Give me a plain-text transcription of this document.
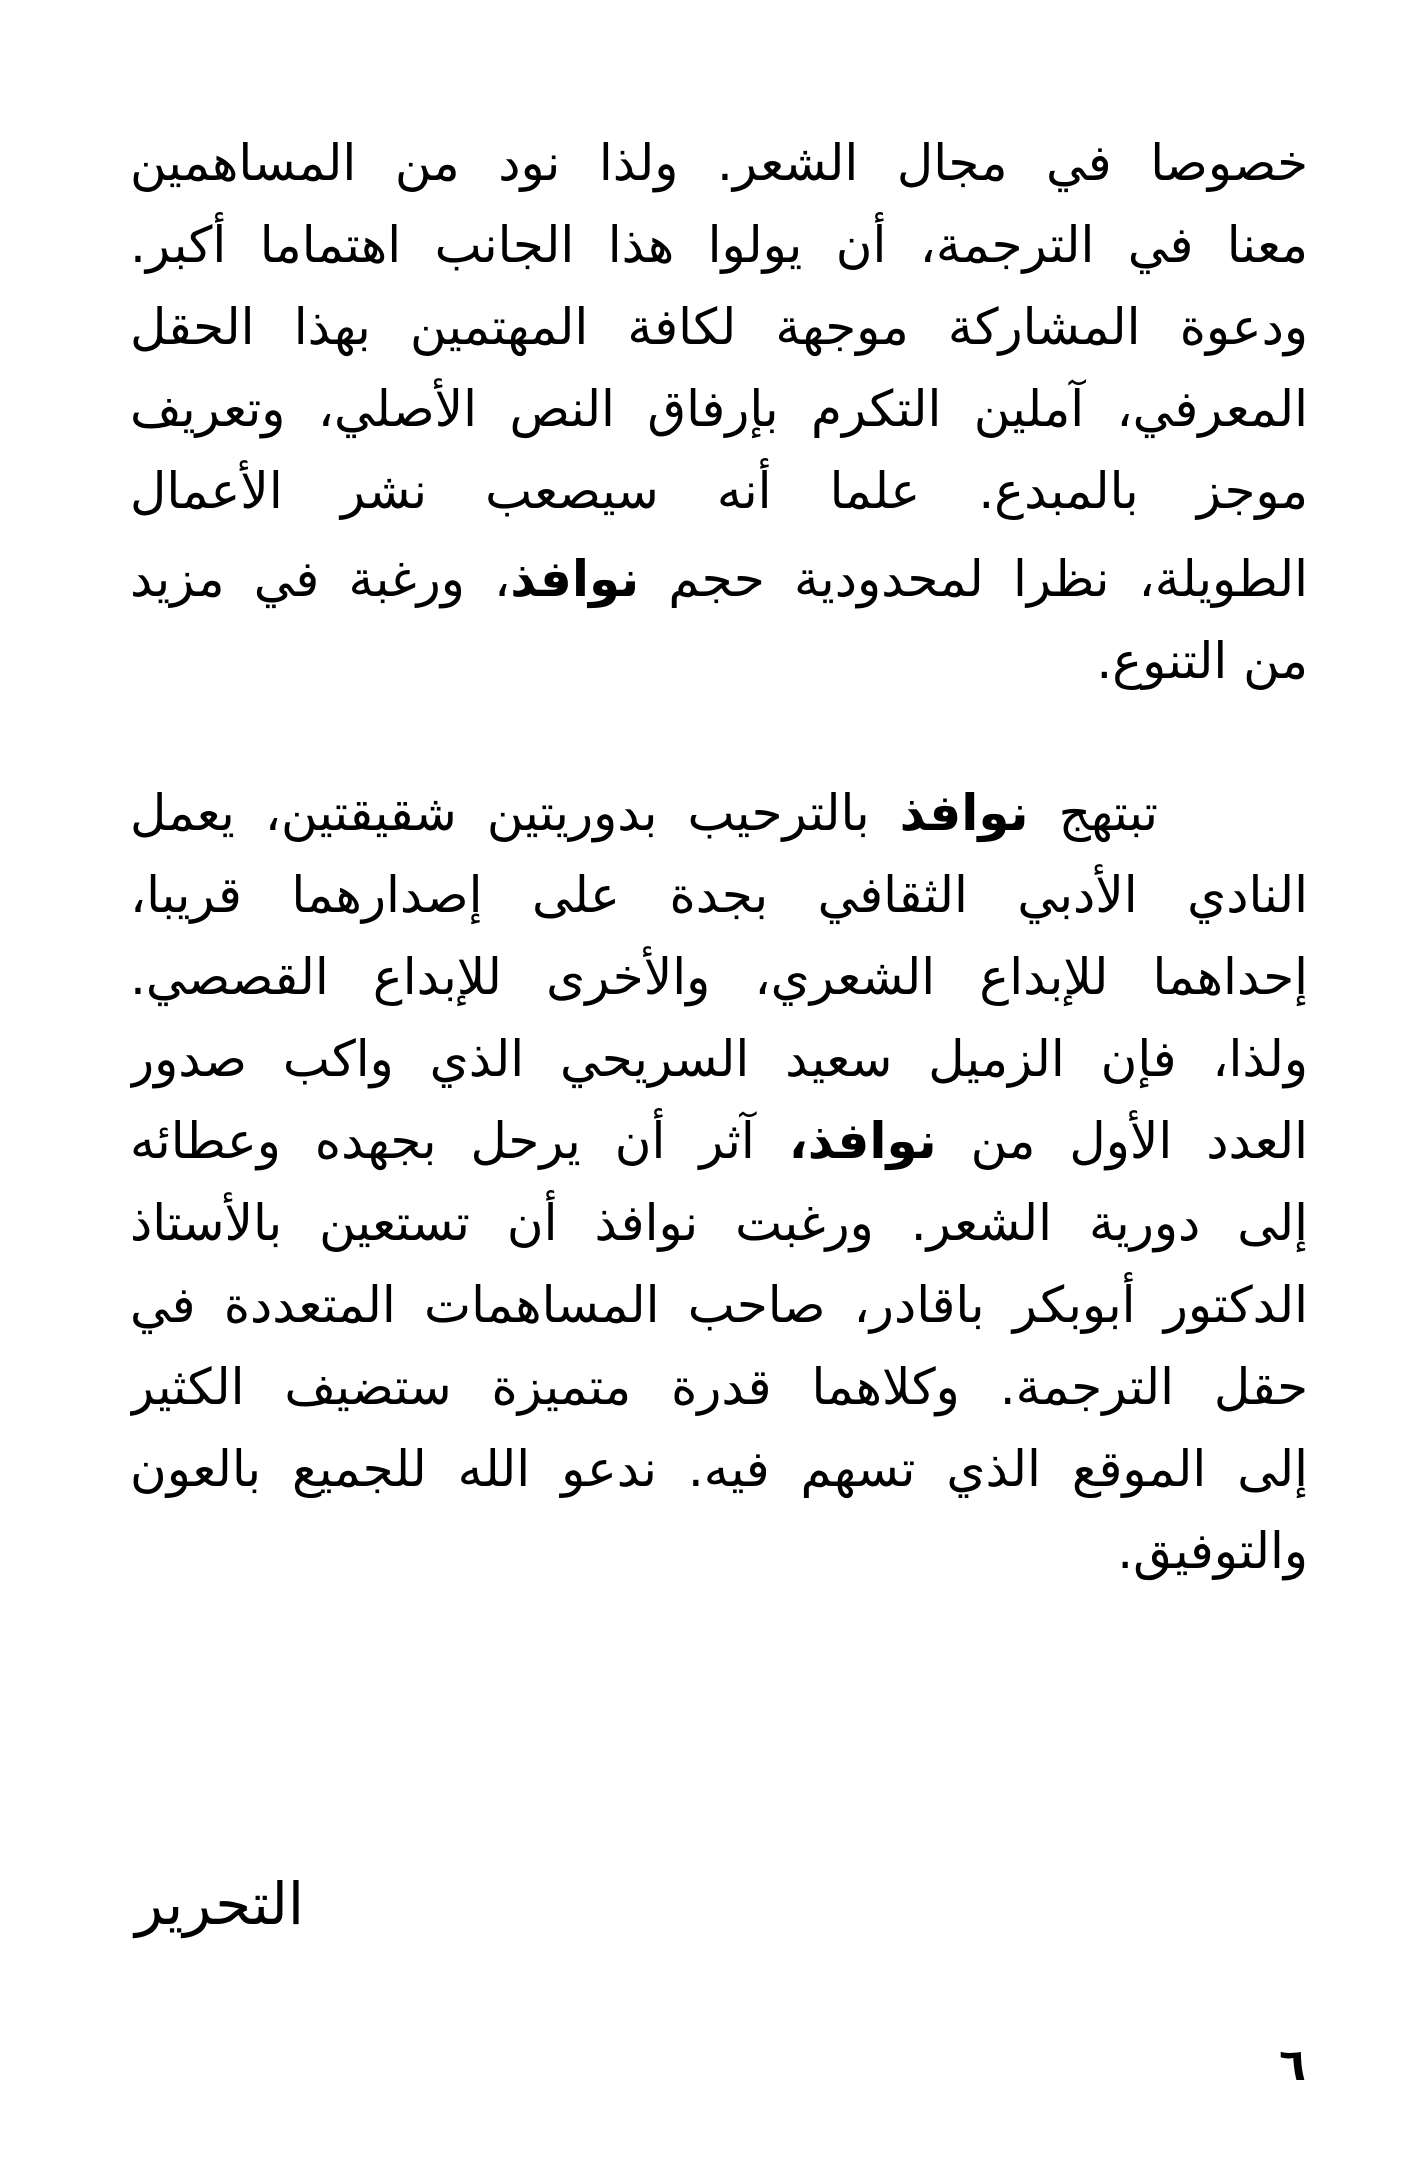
خصوصا في مجال الشعر. ولذا نود من المساهمين
معنا في الترجمة، أن يولوا هذا الجانب اهتماما أكبر.
ودعوة المشاركة موجهة لكافة المهتمين بهذا الحقل
المعرفي، آملين التكرم بإرفاق النص الأصلي، وتعريف
موجز بالمبدع. علما أنه سيصعب نشر الأعمال
الطويلة، نظرا لمحدودية حجم نوافذ، ورغبة في مزيد
من التنوع.
تبتهج نوافذ بالترحيب بدوريتين شقيقتين، يعمل
النادي الأدبي الثقافي بجدة على إصدارهما قريبا،
إحداهما للإبداع الشعري، والأخرى للإبداع القصصي.
ولذا، فإن الزميل سعيد السريحي الذي واكب صدور
العدد الأول من نوافذ، آثر أن يرحل بجهده وعطائه
إلى دورية الشعر. ورغبت نوافذ أن تستعين بالأستاذ
الدكتور أبوبكر باقادر، صاحب المساهمات المتعددة في
حقل الترجمة. وكلاهما قدرة متميزة ستضيف الكثير
إلى الموقع الذي تسهم فيه. ندعو الله للجميع بالعون
والتوفيق.
التحرير
٦
